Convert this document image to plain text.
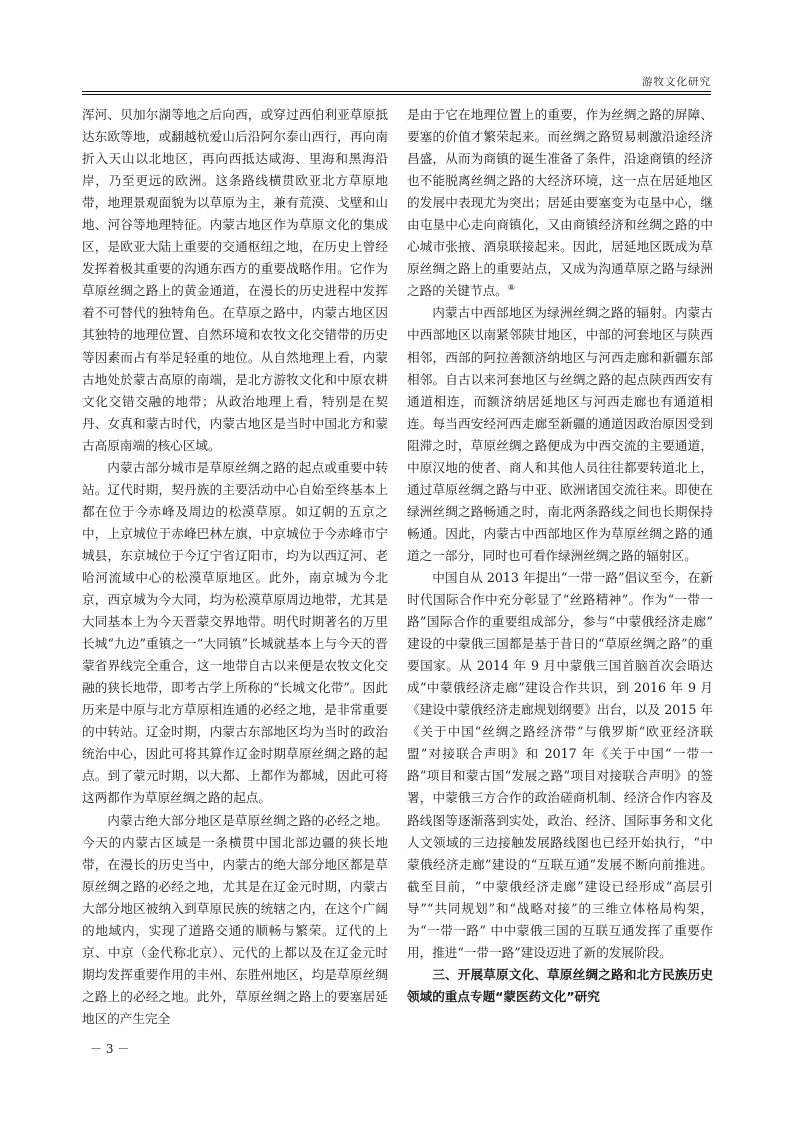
游牧文化研究

浑河、贝加尔湖等地之后向西，或穿过西伯利亚草原抵达东欧等地，或翻越杭爱山后沿阿尔泰山西行，再向南折入天山以北地区，再向西抵达咸海、里海和黑海沿岸，乃至更远的欧洲。这条路线横贯欧亚北方草原地带，地理景观面貌为以草原为主，兼有荒漠、戈壁和山地、河谷等地理特征。内蒙古地区作为草原文化的集成区，是欧亚大陆上重要的交通枢纽之地，在历史上曾经发挥着极其重要的沟通东西方的重要战略作用。它作为草原丝绸之路上的黄金通道，在漫长的历史进程中发挥着不可替代的独特角色。在草原之路中，内蒙古地区因其独特的地理位置、自然环境和农牧文化交错带的历史等因素而占有举足轻重的地位。从自然地理上看，内蒙古地处於蒙古高原的南端，是北方游牧文化和中原农耕文化交错交融的地带；从政治地理上看，特别是在契丹、女真和蒙古时代，内蒙古地区是当时中国北方和蒙古高原南端的核心区域。

内蒙古部分城市是草原丝绸之路的起点或重要中转站。辽代时期，契丹族的主要活动中心自始至终基本上都在位于今赤峰及周边的松漠草原。如辽朝的五京之中，上京城位于赤峰巴林左旗，中京城位于今赤峰市宁城县，东京城位于今辽宁省辽阳市，均为以西辽河、老哈河流域中心的松漠草原地区。此外，南京城为今北京，西京城为今大同，均为松漠草原周边地带，尤其是大同基本上为今天晋蒙交界地带。明代时期著名的万里长城“九边”重镇之一“大同镇”长城就基本上与今天的晋蒙省界线完全重合，这一地带自古以来便是农牧文化交融的狭长地带，即考古学上所称的“长城文化带”。因此历来是中原与北方草原相连通的必经之地，是非常重要的中转站。辽金时期，内蒙古东部地区均为当时的政治统治中心，因此可将其算作辽金时期草原丝绸之路的起点。到了蒙元时期，以大都、上都作为都城，因此可将这两都作为草原丝绸之路的起点。

内蒙古绝大部分地区是草原丝绸之路的必经之地。今天的内蒙古区域是一条横贯中国北部边疆的狭长地带，在漫长的历史当中，内蒙古的绝大部分地区都是草原丝绸之路的必经之地，尤其是在辽金元时期，内蒙古大部分地区被纳入到草原民族的统辖之内，在这个广阔的地域内，实现了道路交通的顺畅与繁荣。辽代的上京、中京（金代称北京）、元代的上都以及在辽金元时期均发挥重要作用的丰州、东胜州地区，均是草原丝绸之路上的必经之地。此外，草原丝绸之路上的要塞居延地区的产生完全

是由于它在地理位置上的重要，作为丝绸之路的屏障、要塞的价值才繁荣起来。而丝绸之路贸易刺激沿途经济昌盛，从而为商镇的诞生准备了条件，沿途商镇的经济也不能脱离丝绸之路的大经济环境，这一点在居延地区的发展中表现尤为突出；居延由要塞变为屯垦中心，继由屯垦中心走向商镇化，又由商镇经济和丝绸之路的中心城市张掖、酒泉联接起来。因此，居延地区既成为草原丝绸之路上的重要站点，又成为沟通草原之路与绿洲之路的关键节点。⑧

内蒙古中西部地区为绿洲丝绸之路的辐射。内蒙古中西部地区以南紧邻陕甘地区，中部的河套地区与陕西相邻，西部的阿拉善额济纳地区与河西走廊和新疆东部相邻。自古以来河套地区与丝绸之路的起点陕西西安有通道相连，而额济纳居延地区与河西走廊也有通道相连。每当西安经河西走廊至新疆的通道因政治原因受到阻滞之时，草原丝绸之路便成为中西交流的主要通道，中原汉地的使者、商人和其他人员往往都要转道北上，通过草原丝绸之路与中亚、欧洲诸国交流往来。即使在绿洲丝绸之路畅通之时，南北两条路线之间也长期保持畅通。因此，内蒙古中西部地区作为草原丝绸之路的通道之一部分，同时也可看作绿洲丝绸之路的辐射区。

中国自从 2013 年提出“一带一路”倡议至今，在新时代国际合作中充分彰显了“丝路精神”。作为“一带一路”国际合作的重要组成部分，参与“中蒙俄经济走廊” 建设的中蒙俄三国都是基于昔日的“草原丝绸之路”的重要国家。从 2014 年 9 月中蒙俄三国首脑首次会晤达成“中蒙俄经济走廊”建设合作共识，到 2016 年 9 月《建设中蒙俄经济走廊规划纲要》出台，以及 2015 年《关于中国“丝绸之路经济带”与俄罗斯“欧亚经济联盟”对接联合声明》和 2017 年《关于中国“一带一路”项目和蒙古国“发展之路”项目对接联合声明》的签署，中蒙俄三方合作的政治磋商机制、经济合作内容及路线图等逐渐落到实处，政治、经济、国际事务和文化人文领域的三边接触发展路线图也已经开始执行，“中蒙俄经济走廊”建设的“互联互通”发展不断向前推进。截至目前，“中蒙俄经济走廊”建设已经形成“高层引导”“共同规划”和“战略对接”的三维立体格局构架，为“一带一路” 中中蒙俄三国的互联互通发挥了重要作用，推进“一带一路”建设迈进了新的发展阶段。

三、开展草原文化、草原丝绸之路和北方民族历史领域的重点专题“蒙医药文化”研究

－ 3 －
